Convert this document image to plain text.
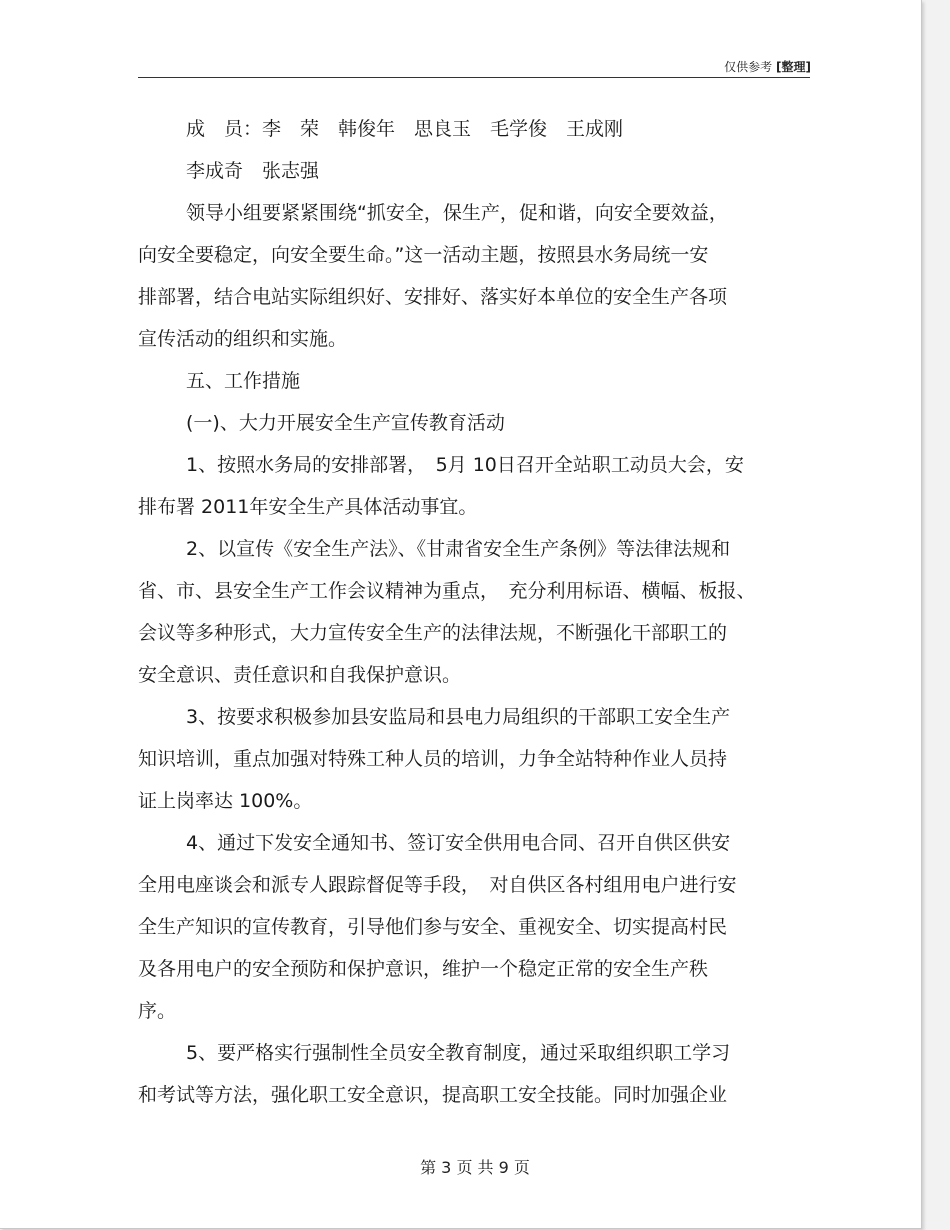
仅供参考 [整理]
成　员：李　荣　韩俊年　思良玉　毛学俊　王成刚
李成奇　张志强
领导小组要紧紧围绕“抓安全，保生产，促和谐，向安全要效益，
向安全要稳定，向安全要生命。”这一活动主题，按照县水务局统一安
排部署，结合电站实际组织好、安排好、落实好本单位的安全生产各项
宣传活动的组织和实施。
五、工作措施
(一)、大力开展安全生产宣传教育活动
1、按照水务局的安排部署，　5月 10日召开全站职工动员大会，安
排布署 2011年安全生产具体活动事宜。
2、以宣传《安全生产法》、《甘肃省安全生产条例》等法律法规和
省、市、县安全生产工作会议精神为重点，　充分利用标语、横幅、板报、
会议等多种形式，大力宣传安全生产的法律法规，不断强化干部职工的
安全意识、责任意识和自我保护意识。
3、按要求积极参加县安监局和县电力局组织的干部职工安全生产
知识培训，重点加强对特殊工种人员的培训，力争全站特种作业人员持
证上岗率达 100%。
4、通过下发安全通知书、签订安全供用电合同、召开自供区供安
全用电座谈会和派专人跟踪督促等手段，　对自供区各村组用电户进行安
全生产知识的宣传教育，引导他们参与安全、重视安全、切实提高村民
及各用电户的安全预防和保护意识，维护一个稳定正常的安全生产秩
序。
5、要严格实行强制性全员安全教育制度，通过采取组织职工学习
和考试等方法，强化职工安全意识，提高职工安全技能。同时加强企业
第 3 页 共 9 页
